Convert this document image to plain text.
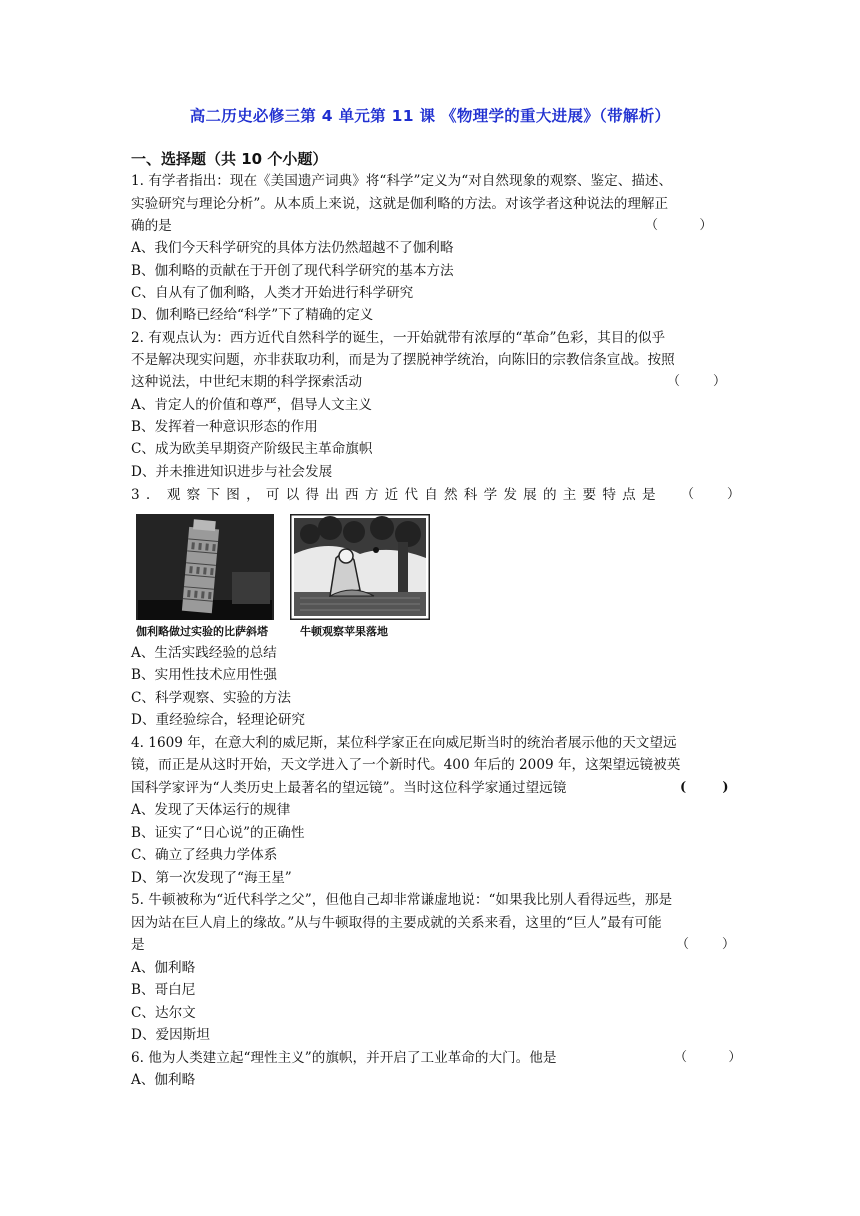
高二历史必修三第 4 单元第 11 课 《物理学的重大进展》（带解析）
一、选择题（共 10 个小题）
1. 有学者指出：现在《美国遗产词典》将“科学”定义为“对自然现象的观察、鉴定、描述、
实验研究与理论分析”。从本质上来说，这就是伽利略的方法。对该学者这种说法的理解正
确的是	（          ）
A、我们今天科学研究的具体方法仍然超越不了伽利略
B、伽利略的贡献在于开创了现代科学研究的基本方法
C、自从有了伽利略，人类才开始进行科学研究
D、伽利略已经给“科学”下了精确的定义
2. 有观点认为：西方近代自然科学的诞生，一开始就带有浓厚的“革命”色彩，其目的似乎
不是解决现实问题，亦非获取功利，而是为了摆脱神学统治，向陈旧的宗教信条宣战。按照
这种说法，中世纪末期的科学探索活动	（        ）
A、肯定人的价值和尊严，倡导人文主义
B、发挥着一种意识形态的作用
C、成为欧美早期资产阶级民主革命旗帜
D、并未推进知识进步与社会发展
3. 观察下图，可以得出西方近代自然科学发展的主要特点是 （        ）
伽利略做过实验的比萨斜塔	牛顿观察苹果落地
A、生活实践经验的总结
B、实用性技术应用性强
C、科学观察、实验的方法
D、重经验综合，轻理论研究
4. 1609 年，在意大利的威尼斯，某位科学家正在向威尼斯当时的统治者展示他的天文望远
镜，而正是从这时开始，天文学进入了一个新时代。400 年后的 2009 年，这架望远镜被英
国科学家评为“人类历史上最著名的望远镜”。当时这位科学家通过望远镜	(        )
A、发现了天体运行的规律
B、证实了“日心说”的正确性
C、确立了经典力学体系
D、第一次发现了“海王星”
5. 牛顿被称为“近代科学之父”，但他自己却非常谦虚地说：“如果我比别人看得远些，那是
因为站在巨人肩上的缘故。”从与牛顿取得的主要成就的关系来看，这里的“巨人”最有可能
是	（        ）
A、伽利略
B、哥白尼
C、达尔文
D、爱因斯坦
6. 他为人类建立起“理性主义”的旗帜，并开启了工业革命的大门。他是	（          ）
A、伽利略
